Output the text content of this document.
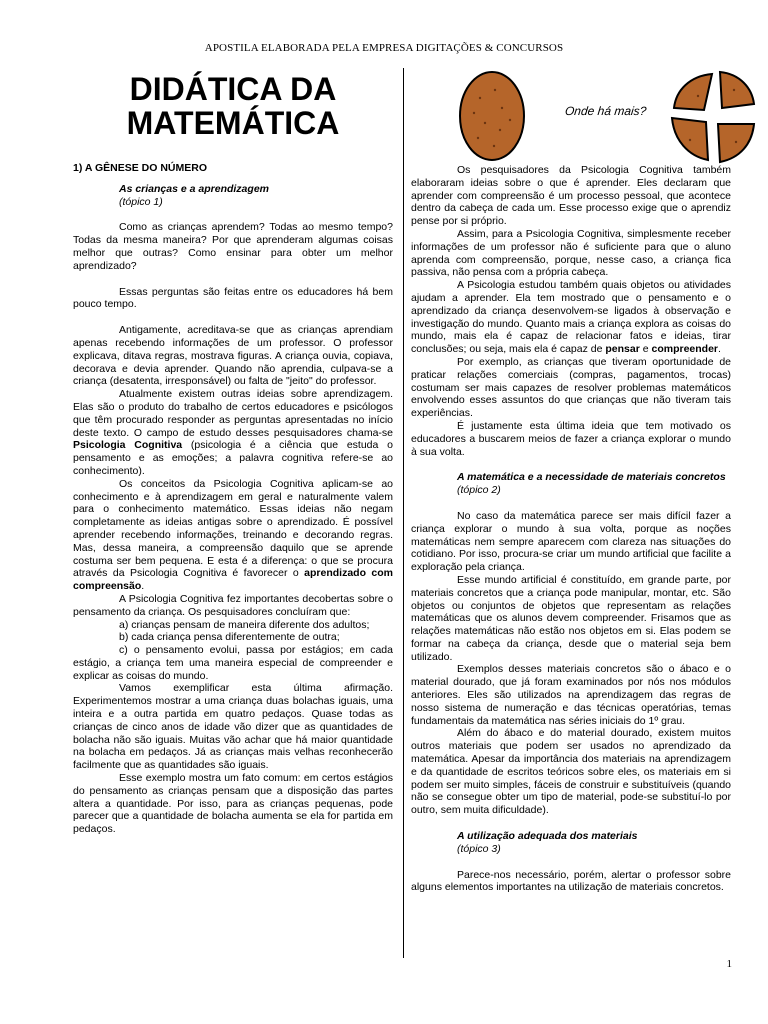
APOSTILA ELABORADA PELA EMPRESA DIGITAÇÕES & CONCURSOS
DIDÁTICA DA
MATEMÁTICA
1) A GÊNESE DO NÚMERO
As crianças e a aprendizagem
(tópico 1)

Como as crianças aprendem? Todas ao mesmo tempo? Todas da mesma maneira? Por que aprenderam algumas coisas melhor que outras? Como ensinar para obter um melhor aprendizado?

Essas perguntas são feitas entre os educadores há bem pouco tempo.

Antigamente, acreditava-se que as crianças aprendiam apenas recebendo informações de um professor. O professor explicava, ditava regras, mostrava figuras. A criança ouvia, copiava, decorava e devia aprender. Quando não aprendia, culpava-se a criança (desatenta, irresponsável) ou falta de "jeito" do professor.

Atualmente existem outras ideias sobre aprendizagem. Elas são o produto do trabalho de certos educadores e psicólogos que têm procurado responder as perguntas apresentadas no início deste texto. O campo de estudo desses pesquisadores chama-se Psicologia Cognitiva (psicologia é a ciência que estuda o pensamento e as emoções; a palavra cognitiva refere-se ao conhecimento).

Os conceitos da Psicologia Cognitiva aplicam-se ao conhecimento e à aprendizagem em geral e naturalmente valem para o conhecimento matemático. Essas ideias não negam completamente as ideias antigas sobre o aprendizado. É possível aprender recebendo informações, treinando e decorando regras. Mas, dessa maneira, a compreensão daquilo que se aprende costuma ser bem pequena. E esta é a diferença: o que se procura através da Psicologia Cognitiva é favorecer o aprendizado com compreensão.

A Psicologia Cognitiva fez importantes decobertas sobre o pensamento da criança. Os pesquisadores concluíram que:

a) crianças pensam de maneira diferente dos adultos;

b) cada criança pensa diferentemente de outra;

c) o pensamento evolui, passa por estágios; em cada estágio, a criança tem uma maneira especial de compreender e explicar as coisas do mundo.

Vamos exemplificar esta última afirmação. Experimentemos mostrar a uma criança duas bolachas iguais, uma inteira e a outra partida em quatro pedaços. Quase todas as crianças de cinco anos de idade vão dizer que as quantidades de bolacha não são iguais. Muitas vão achar que há maior quantidade na bolacha em pedaços. Já as crianças mais velhas reconhecerão facilmente que as quantidades são iguais.

Esse exemplo mostra um fato comum: em certos estágios do pensamento as crianças pensam que a disposição das partes altera a quantidade. Por isso, para as crianças pequenas, pode parecer que a quantidade de bolacha aumenta se ela for partida em pedaços.

Onde há mais?

Os pesquisadores da Psicologia Cognitiva também elaboraram ideias sobre o que é aprender. Eles declaram que aprender com compreensão é um processo pessoal, que acontece dentro da cabeça de cada um. Esse processo exige que o aprendiz pense por si próprio.

Assim, para a Psicologia Cognitiva, simplesmente receber informações de um professor não é suficiente para que o aluno aprenda com compreensão, porque, nesse caso, a criança fica passiva, não pensa com a própria cabeça.

A Psicologia estudou também quais objetos ou atividades ajudam a aprender. Ela tem mostrado que o pensamento e o aprendizado da criança desenvolvem-se ligados à observação e investigação do mundo. Quanto mais a criança explora as coisas do mundo, mais ela é capaz de relacionar fatos e ideias, tirar conclusões; ou seja, mais ela é capaz de pensar e compreender.

Por exemplo, as crianças que tiveram oportunidade de praticar relações comerciais (compras, pagamentos, trocas) costumam ser mais capazes de resolver problemas matemáticos envolvendo esses assuntos do que crianças que não tiveram tais experiências.

É justamente esta última ideia que tem motivado os educadores a buscarem meios de fazer a criança explorar o mundo à sua volta.

A matemática e a necessidade de materiais concretos
(tópico 2)

No caso da matemática parece ser mais difícil fazer a criança explorar o mundo à sua volta, porque as noções matemáticas nem sempre aparecem com clareza nas situações do cotidiano. Por isso, procura-se criar um mundo artificial que facilite a exploração pela criança.

Esse mundo artificial é constituído, em grande parte, por materiais concretos que a criança pode manipular, montar, etc. São objetos ou conjuntos de objetos que representam as relações matemáticas que os alunos devem compreender. Frisamos que as relações matemáticas não estão nos objetos em si. Elas podem se formar na cabeça da criança, desde que o material seja bem utilizado.

Exemplos desses materiais concretos são o ábaco e o material dourado, que já foram examinados por nós nos módulos anteriores. Eles são utilizados na aprendizagem das regras de nosso sistema de numeração e das técnicas operatórias, temas fundamentais da matemática nas séries iniciais do 1º grau.

Além do ábaco e do material dourado, existem muitos outros materiais que podem ser usados no aprendizado da matemática. Apesar da importância dos materiais na aprendizagem e da quantidade de escritos teóricos sobre eles, os materiais em si podem ser muito simples, fáceis de construir e substituíveis (quando não se consegue obter um tipo de material, pode-se substituí-lo por outro, sem muita dificuldade).

A utilização adequada dos materiais
(tópico 3)

Parece-nos necessário, porém, alertar o professor sobre alguns elementos importantes na utilização de materiais concretos.

1
